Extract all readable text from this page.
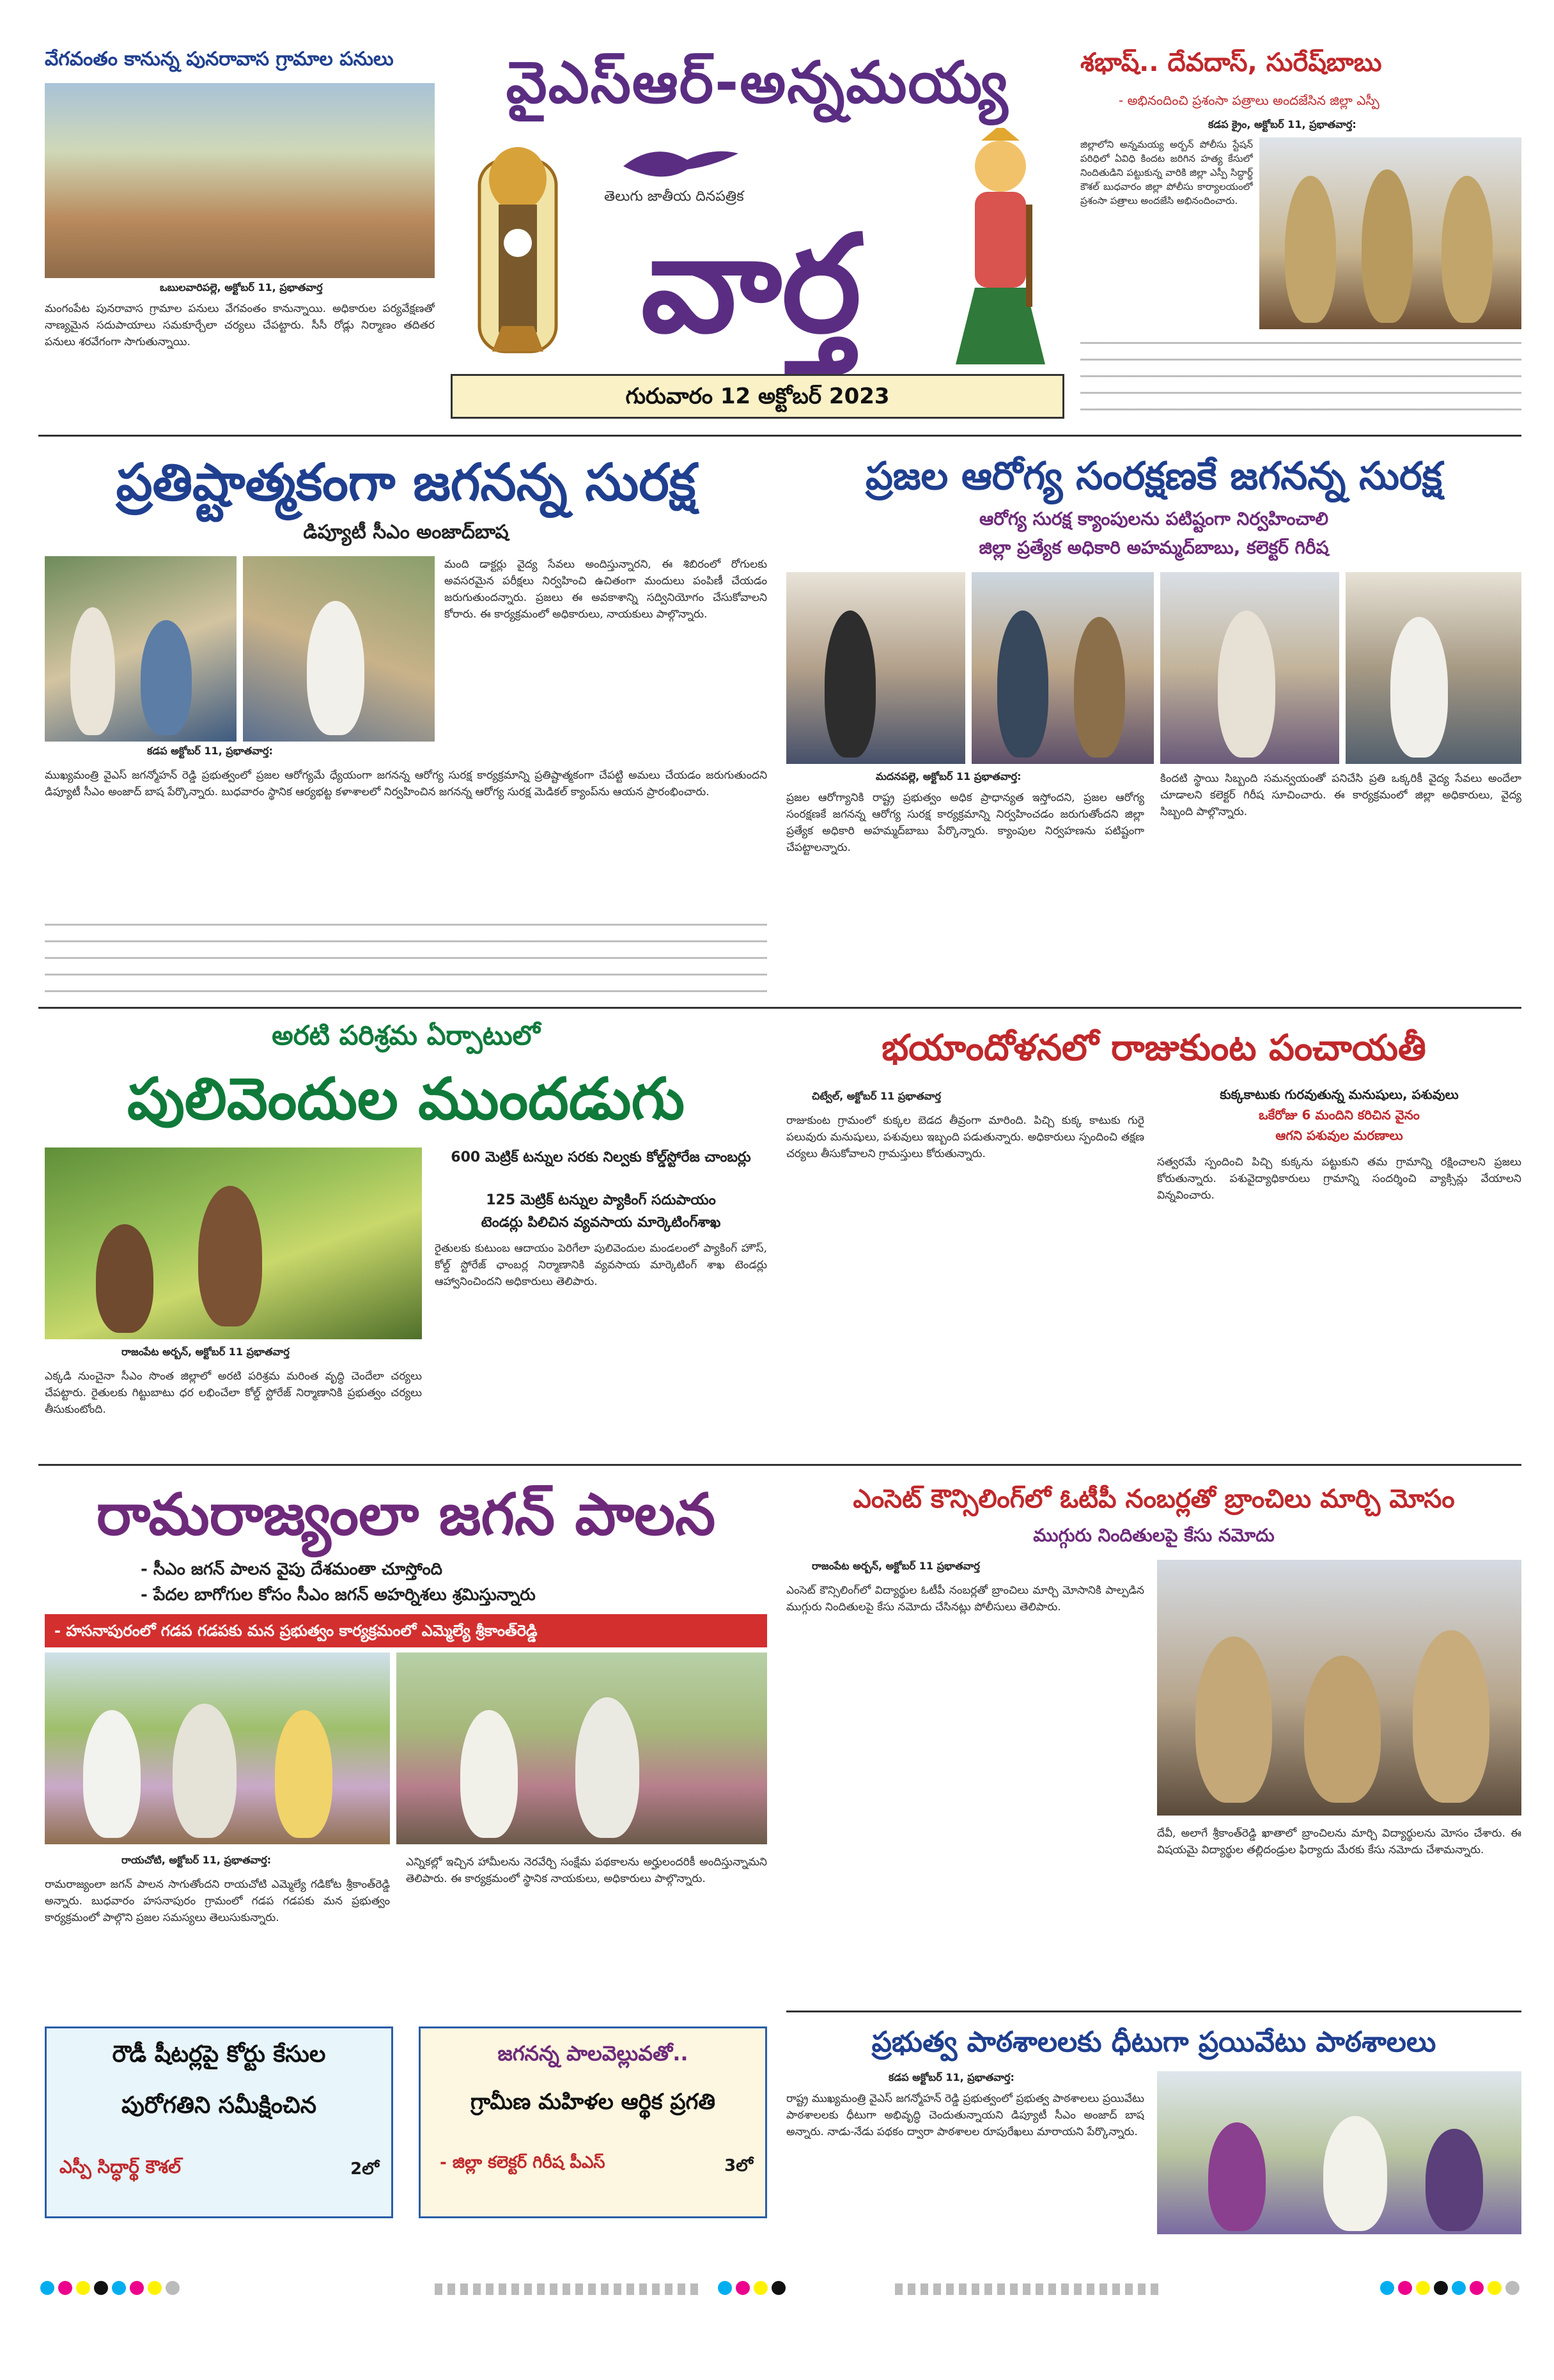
వైఎస్ఆర్-అన్నమయ్య
తెలుగు జాతీయ దినపత్రిక
వార్త
గురువారం 12 అక్టోబర్ 2023
వేగవంతం కానున్న పునరావాస గ్రామాల పనులు
ఒబులవారిపల్లె, అక్టోబర్ 11, ప్రభాతవార్త
మంగంపేట పునరావాస గ్రామాల పనులు వేగవంతం కానున్నాయి. అధికారుల పర్యవేక్షణతో నాణ్యమైన సదుపాయాలు సమకూర్చేలా చర్యలు చేపట్టారు. సీసీ రోడ్లు నిర్మాణం తదితర పనులు శరవేగంగా సాగుతున్నాయి.
శభాష్.. దేవదాస్, సురేష్‌బాబు
- అభినందించి ప్రశంసా పత్రాలు అందజేసిన జిల్లా ఎస్పీ
కడప క్రైం, అక్టోబర్ 11, ప్రభాతవార్త:
జిల్లాలోని అన్నమయ్య అర్బన్ పోలీసు స్టేషన్ పరిధిలో ఏవిధి కిందట జరిగిన హత్య కేసులో నిందితుడిని పట్టుకున్న వారికి జిల్లా ఎస్పీ సిద్ధార్థ్ కౌశల్ బుధవారం జిల్లా పోలీసు కార్యాలయంలో ప్రశంసా పత్రాలు అందజేసి అభినందించారు.
ప్రతిష్టాత్మకంగా జగనన్న సురక్ష
డిప్యూటీ సీఎం అంజాద్‌బాష
కడప అక్టోబర్ 11, ప్రభాతవార్త:
ముఖ్యమంత్రి వైఎస్ జగన్మోహన్ రెడ్డి ప్రభుత్వంలో ప్రజల ఆరోగ్యమే ధ్యేయంగా జగనన్న ఆరోగ్య సురక్ష కార్యక్రమాన్ని ప్రతిష్టాత్మకంగా చేపట్టి అమలు చేయడం జరుగుతుందని డిప్యూటీ సీఎం అంజాద్ బాష పేర్కొన్నారు. బుధవారం స్థానిక ఆర్యభట్ట కళాశాలలో నిర్వహించిన జగనన్న ఆరోగ్య సురక్ష మెడికల్ క్యాంప్‌ను ఆయన ప్రారంభించారు.
మంది డాక్టర్లు వైద్య సేవలు అందిస్తున్నారని, ఈ శిబిరంలో రోగులకు అవసరమైన పరీక్షలు నిర్వహించి ఉచితంగా మందులు పంపిణీ చేయడం జరుగుతుందన్నారు. ప్రజలు ఈ అవకాశాన్ని సద్వినియోగం చేసుకోవాలని కోరారు. ఈ కార్యక్రమంలో అధికారులు, నాయకులు పాల్గొన్నారు.
ప్రజల ఆరోగ్య సంరక్షణకే జగనన్న సురక్ష
ఆరోగ్య సురక్ష క్యాంపులను పటిష్టంగా నిర్వహించాలి
జిల్లా ప్రత్యేక అధికారి అహమ్మద్‌బాబు, కలెక్టర్ గిరీష
మదనపల్లె, అక్టోబర్ 11 ప్రభాతవార్త:
ప్రజల ఆరోగ్యానికి రాష్ట్ర ప్రభుత్వం అధిక ప్రాధాన్యత ఇస్తోందని, ప్రజల ఆరోగ్య సంరక్షణకే జగనన్న ఆరోగ్య సురక్ష కార్యక్రమాన్ని నిర్వహించడం జరుగుతోందని జిల్లా ప్రత్యేక అధికారి అహమ్మద్‌బాబు పేర్కొన్నారు. క్యాంపుల నిర్వహణను పటిష్టంగా చేపట్టాలన్నారు.
కిందటి స్థాయి సిబ్బంది సమన్వయంతో పనిచేసి ప్రతి ఒక్కరికీ వైద్య సేవలు అందేలా చూడాలని కలెక్టర్ గిరీష సూచించారు. ఈ కార్యక్రమంలో జిల్లా అధికారులు, వైద్య సిబ్బంది పాల్గొన్నారు.
అరటి పరిశ్రమ ఏర్పాటులో
పులివెందుల ముందడుగు
రాజంపేట అర్బన్, అక్టోబర్ 11 ప్రభాతవార్త
600 మెట్రిక్ టన్నుల సరకు నిల్వకు కోల్డ్‌స్టోరేజ చాంబర్లు
125 మెట్రిక్ టన్నుల ప్యాకింగ్ సదుపాయం
టెండర్లు పిలిచిన వ్యవసాయ మార్కెటింగ్‌శాఖ
రైతులకు కుటుంబ ఆదాయం పెరిగేలా పులివెందుల మండలంలో ప్యాకింగ్ హౌస్, కోల్డ్ స్టోరేజ్ ఛాంబర్ల నిర్మాణానికి వ్యవసాయ మార్కెటింగ్ శాఖ టెండర్లు ఆహ్వానించిందని అధికారులు తెలిపారు.
ఎక్కడి నుంచైనా సీఎం సొంత జిల్లాలో అరటి పరిశ్రమ మరింత వృద్ధి చెందేలా చర్యలు చేపట్టారు. రైతులకు గిట్టుబాటు ధర లభించేలా కోల్డ్ స్టోరేజ్ నిర్మాణానికి ప్రభుత్వం చర్యలు తీసుకుంటోంది.
భయాందోళనలో రాజుకుంట పంచాయతీ
చిట్వేల్, అక్టోబర్ 11 ప్రభాతవార్త
రాజుకుంట గ్రామంలో కుక్కల బెడద తీవ్రంగా మారింది. పిచ్చి కుక్క కాటుకు గురై పలువురు మనుషులు, పశువులు ఇబ్బంది పడుతున్నారు. అధికారులు స్పందించి తక్షణ చర్యలు తీసుకోవాలని గ్రామస్తులు కోరుతున్నారు.
కుక్కకాటుకు గురవుతున్న మనుషులు, పశువులు
ఒకేరోజు 6 మందిని కరిచిన వైనం
ఆగని పశువుల మరణాలు
సత్వరమే స్పందించి పిచ్చి కుక్కను పట్టుకుని తమ గ్రామాన్ని రక్షించాలని ప్రజలు కోరుతున్నారు. పశువైద్యాధికారులు గ్రామాన్ని సందర్శించి వ్యాక్సిన్లు వేయాలని విన్నవించారు.
రామరాజ్యంలా జగన్ పాలన
- సీఎం జగన్ పాలన వైపు దేశమంతా చూస్తోంది
- పేదల బాగోగుల కోసం సీఎం జగన్ అహర్నిశలు శ్రమిస్తున్నారు
- హసనాపురంలో గడప గడపకు మన ప్రభుత్వం కార్యక్రమంలో ఎమ్మెల్యే శ్రీకాంత్‌రెడ్డి
రాయచోటి, అక్టోబర్ 11, ప్రభాతవార్త:
రామరాజ్యంలా జగన్ పాలన సాగుతోందని రాయచోటి ఎమ్మెల్యే గడికోట శ్రీకాంత్‌రెడ్డి అన్నారు. బుధవారం హసనాపురం గ్రామంలో గడప గడపకు మన ప్రభుత్వం కార్యక్రమంలో పాల్గొని ప్రజల సమస్యలు తెలుసుకున్నారు.
ఎన్నికల్లో ఇచ్చిన హామీలను నెరవేర్చి సంక్షేమ పథకాలను అర్హులందరికీ అందిస్తున్నామని తెలిపారు. ఈ కార్యక్రమంలో స్థానిక నాయకులు, అధికారులు పాల్గొన్నారు.
రౌడీ షీటర్లపై కోర్టు కేసుల
పురోగతిని సమీక్షించిన
ఎస్పీ సిద్ధార్థ్ కౌశల్	2లో
జగనన్న పాలవెల్లువతో..
గ్రామీణ మహిళల ఆర్థిక ప్రగతి
- జిల్లా కలెక్టర్ గిరీష పీఎస్	3లో
ఎంసెట్ కౌన్సిలింగ్‌లో ఓటీపీ నంబర్లతో బ్రాంచిలు మార్చి మోసం
ముగ్గురు నిందితులపై కేసు నమోదు
రాజంపేట అర్బన్, అక్టోబర్ 11 ప్రభాతవార్త
ఎంసెట్ కౌన్సిలింగ్‌లో విద్యార్థుల ఓటీపీ నంబర్లతో బ్రాంచిలు మార్చి మోసానికి పాల్పడిన ముగ్గురు నిందితులపై కేసు నమోదు చేసినట్లు పోలీసులు తెలిపారు.
దేవీ, అలాగే శ్రీకాంత్‌రెడ్డి ఖాతాలో బ్రాంచిలను మార్చి విద్యార్థులను మోసం చేశారు. ఈ విషయమై విద్యార్థుల తల్లిదండ్రుల ఫిర్యాదు మేరకు కేసు నమోదు చేశామన్నారు.
ప్రభుత్వ పాఠశాలలకు ధీటుగా ప్రయివేటు పాఠశాలలు
కడప అక్టోబర్ 11, ప్రభాతవార్త:
రాష్ట్ర ముఖ్యమంత్రి వైఎస్ జగన్మోహన్ రెడ్డి ప్రభుత్వంలో ప్రభుత్వ పాఠశాలలు ప్రయివేటు పాఠశాలలకు ధీటుగా అభివృద్ధి చెందుతున్నాయని డిప్యూటీ సీఎం అంజాద్ బాష అన్నారు. నాడు-నేడు పథకం ద్వారా పాఠశాలల రూపురేఖలు మారాయని పేర్కొన్నారు.
